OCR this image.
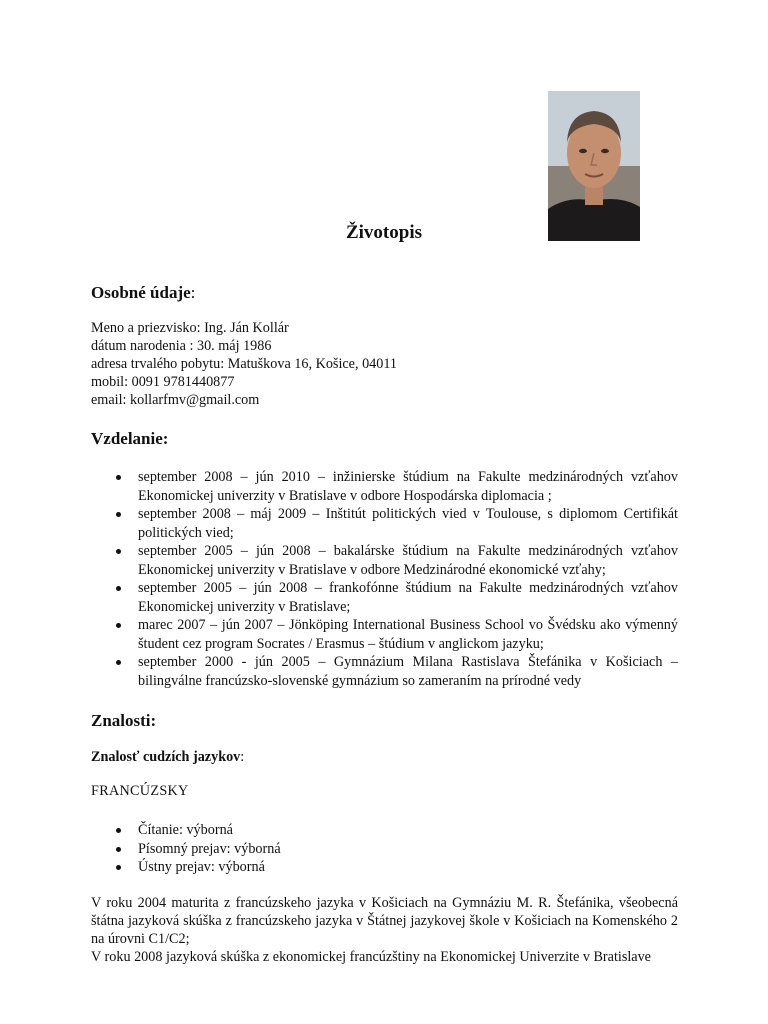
Životopis
Osobné údaje:
Meno a priezvisko: Ing. Ján Kollár
dátum narodenia : 30. máj 1986
adresa trvalého pobytu: Matuškova 16, Košice, 04011
mobil: 0091 9781440877
email: kollarfmv@gmail.com
Vzdelanie:
september 2008 – jún 2010 – inžinierske štúdium na Fakulte medzinárodných vzťahov Ekonomickej univerzity v Bratislave v odbore Hospodárska diplomacia ;
september 2008 – máj 2009 – Inštitút politických vied v Toulouse, s diplomom Certifikát politických vied;
september 2005 – jún 2008 – bakalárske štúdium na Fakulte medzinárodných vzťahov Ekonomickej univerzity v Bratislave v odbore Medzinárodné ekonomické vzťahy;
september 2005 – jún 2008 – frankofónne štúdium na Fakulte medzinárodných vzťahov Ekonomickej univerzity v Bratislave;
marec 2007 – jún 2007 – Jönköping International Business School vo Švédsku ako výmenný študent cez program Socrates / Erasmus – štúdium v anglickom jazyku;
september 2000 - jún 2005 – Gymnázium Milana Rastislava Štefánika v Košiciach – bilingválne francúzsko-slovenské gymnázium so zameraním na prírodné vedy
Znalosti:
Znalosť cudzích jazykov:
FRANCÚZSKY
Čítanie: výborná
Písomný prejav: výborná
Ústny prejav: výborná
V roku 2004 maturita z francúzskeho jazyka v Košiciach na Gymnáziu M. R. Štefánika, všeobecná štátna jazyková skúška z francúzskeho jazyka v Štátnej jazykovej škole v Košiciach na Komenského 2 na úrovni C1/C2;
V roku 2008 jazyková skúška z ekonomickej francúzštiny na Ekonomickej Univerzite v Bratislave
